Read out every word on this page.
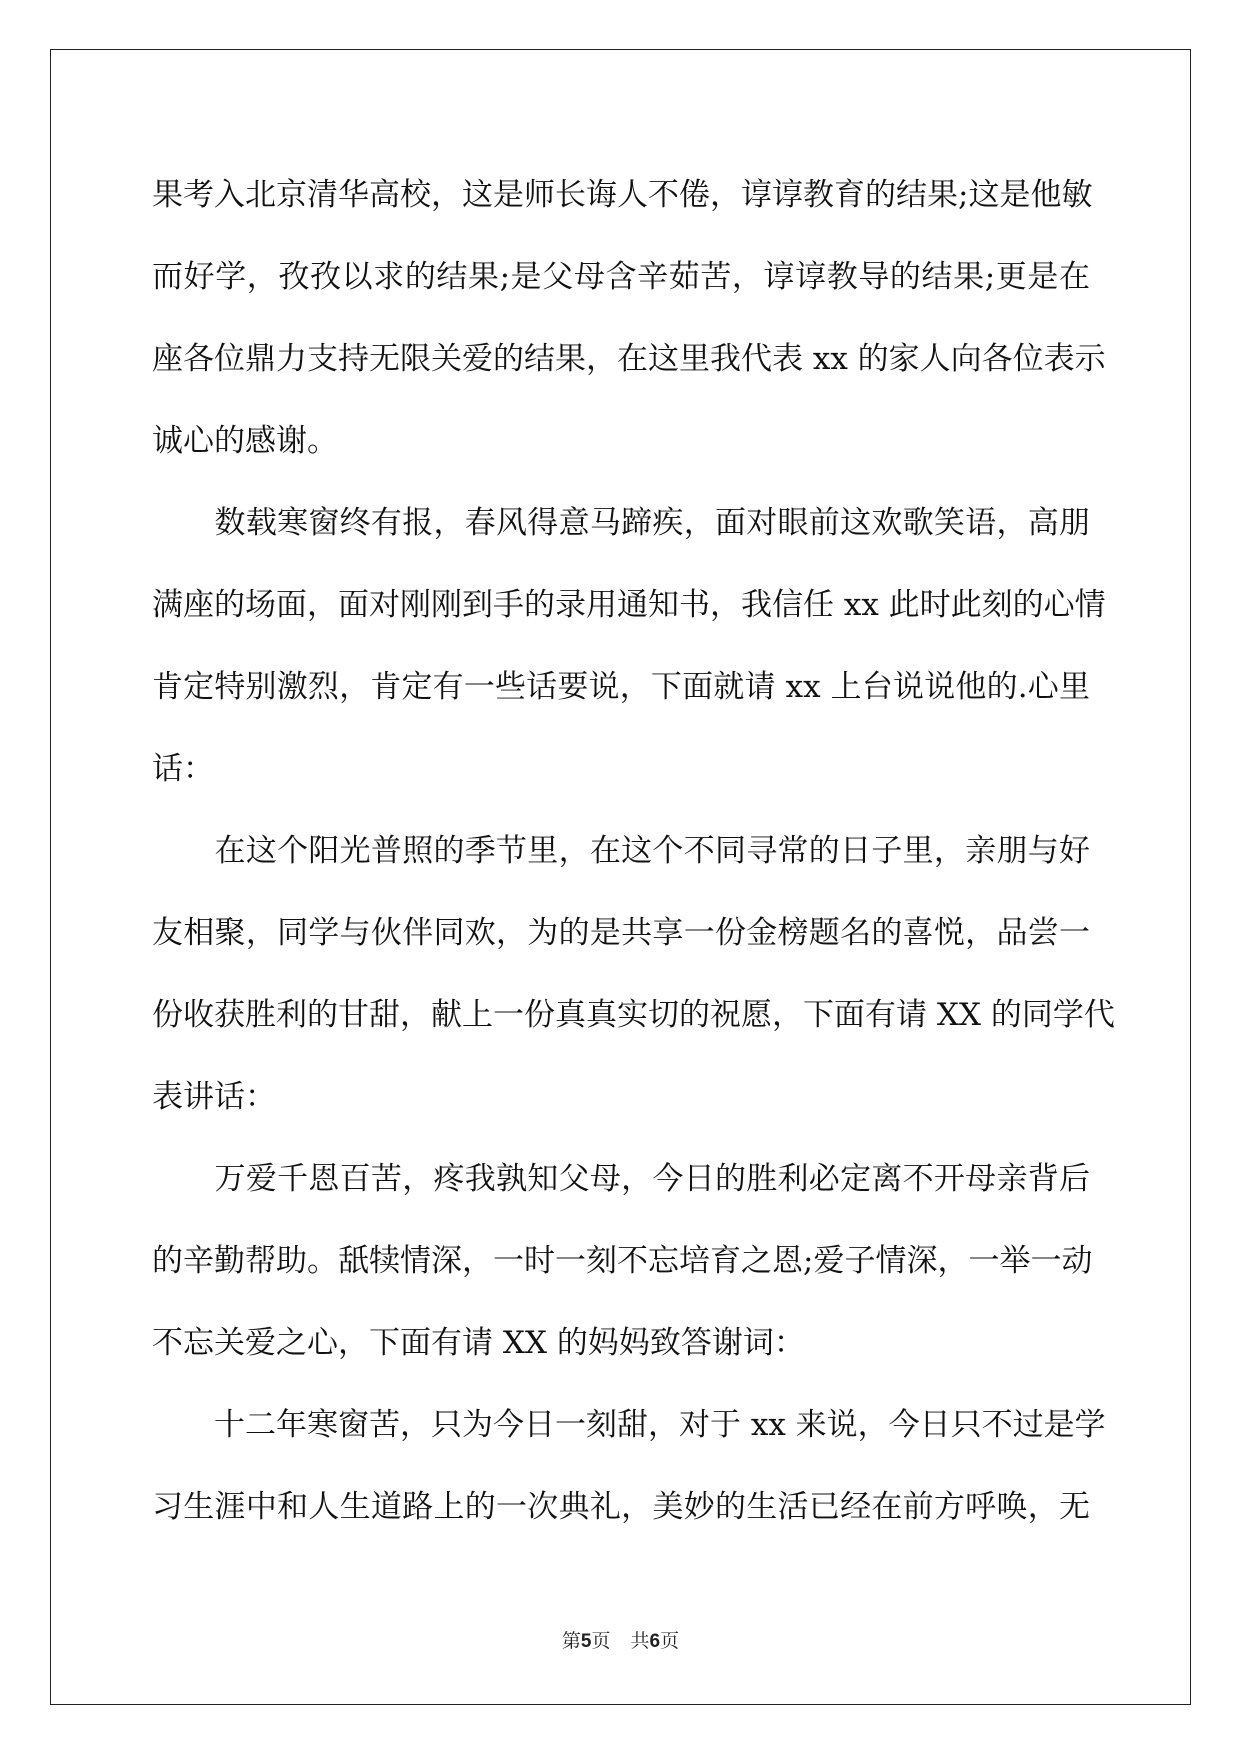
果考入北京清华高校，这是师长诲人不倦，谆谆教育的结果;这是他敏
而好学，孜孜以求的结果;是父母含辛茹苦，谆谆教导的结果;更是在
座各位鼎力支持无限关爱的结果，在这里我代表 xx 的家人向各位表示
诚心的感谢。
　　数载寒窗终有报，春风得意马蹄疾，面对眼前这欢歌笑语，高朋
满座的场面，面对刚刚到手的录用通知书，我信任 xx 此时此刻的心情
肯定特别激烈，肯定有一些话要说，下面就请 xx 上台说说他的.心里
话：
　　在这个阳光普照的季节里，在这个不同寻常的日子里，亲朋与好
友相聚，同学与伙伴同欢，为的是共享一份金榜题名的喜悦，品尝一
份收获胜利的甘甜，献上一份真真实切的祝愿，下面有请 XX 的同学代
表讲话：
　　万爱千恩百苦，疼我孰知父母，今日的胜利必定离不开母亲背后
的辛勤帮助。舐犊情深，一时一刻不忘培育之恩;爱子情深，一举一动
不忘关爱之心，下面有请 XX 的妈妈致答谢词：
　　十二年寒窗苦，只为今日一刻甜，对于 xx 来说，今日只不过是学
习生涯中和人生道路上的一次典礼，美妙的生活已经在前方呼唤，无
第5页 共6页
